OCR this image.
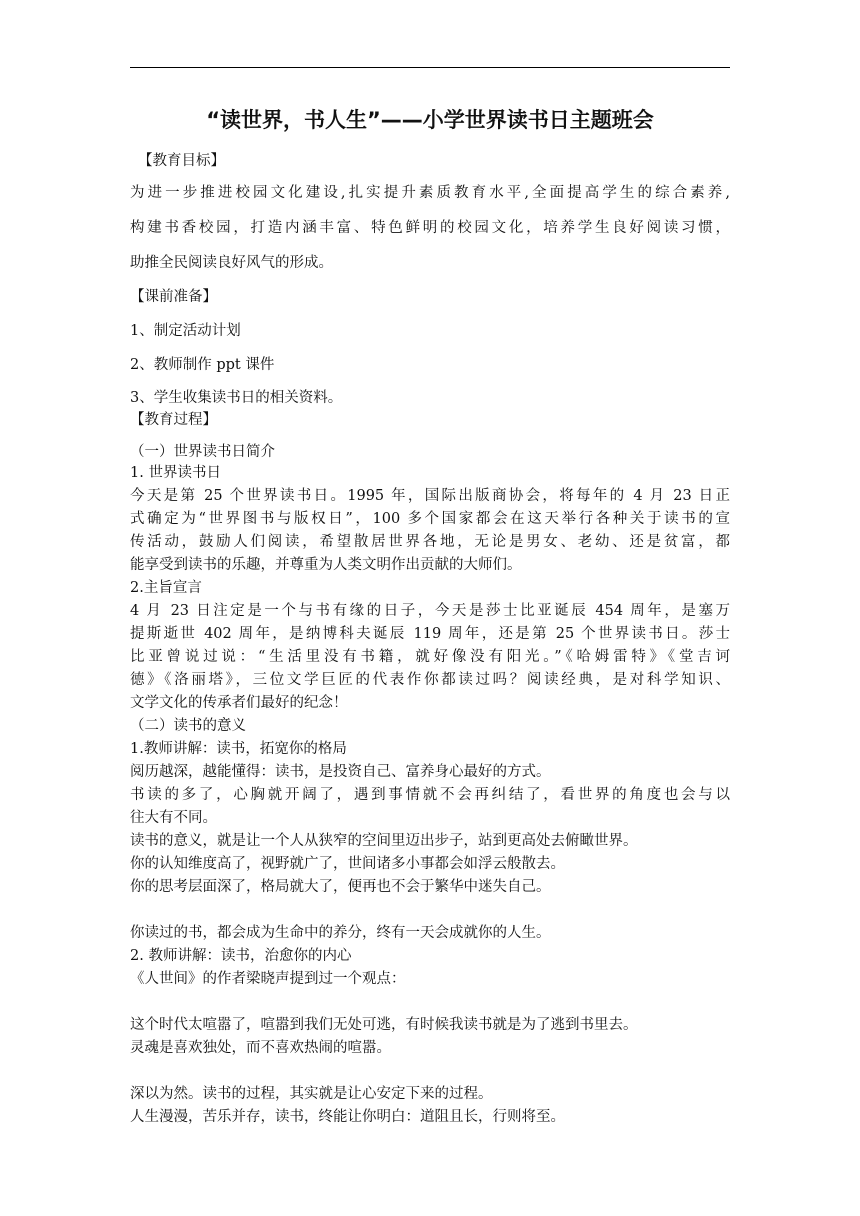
“读世界，书人生”——小学世界读书日主题班会
【教育目标】
为进一步推进校园文化建设,扎实提升素质教育水平,全面提高学生的综合素养,
构建书香校园，打造内涵丰富、特色鲜明的校园文化，培养学生良好阅读习惯，
助推全民阅读良好风气的形成。
【课前准备】
1、制定活动计划
2、教师制作 ppt 课件
3、学生收集读书日的相关资料。
【教育过程】
（一）世界读书日简介
1. 世界读书日
今天是第 25 个世界读书日。1995 年，国际出版商协会，将每年的 4 月 23 日正
式确定为“世界图书与版权日”，100 多个国家都会在这天举行各种关于读书的宣
传活动，鼓励人们阅读，希望散居世界各地，无论是男女、老幼、还是贫富，都
能享受到读书的乐趣，并尊重为人类文明作出贡献的大师们。
2.主旨宣言
4 月 23 日注定是一个与书有缘的日子，今天是莎士比亚诞辰 454 周年，是塞万
提斯逝世 402 周年，是纳博科夫诞辰 119 周年，还是第 25 个世界读书日。莎士
比亚曾说过说：“生活里没有书籍，就好像没有阳光。”《哈姆雷特》《堂吉诃
德》《洛丽塔》，三位文学巨匠的代表作你都读过吗？阅读经典，是对科学知识、
文学文化的传承者们最好的纪念！
（二）读书的意义
1.教师讲解：读书，拓宽你的格局
阅历越深，越能懂得：读书，是投资自己、富养身心最好的方式。
书读的多了，心胸就开阔了，遇到事情就不会再纠结了，看世界的角度也会与以
往大有不同。
读书的意义，就是让一个人从狭窄的空间里迈出步子，站到更高处去俯瞰世界。
你的认知维度高了，视野就广了，世间诸多小事都会如浮云般散去。
你的思考层面深了，格局就大了，便再也不会于繁华中迷失自己。
你读过的书，都会成为生命中的养分，终有一天会成就你的人生。
2. 教师讲解：读书，治愈你的内心
《人世间》的作者梁晓声提到过一个观点：
这个时代太喧嚣了，喧嚣到我们无处可逃，有时候我读书就是为了逃到书里去。
灵魂是喜欢独处，而不喜欢热闹的喧嚣。
深以为然。读书的过程，其实就是让心安定下来的过程。
人生漫漫，苦乐并存，读书，终能让你明白：道阻且长，行则将至。
